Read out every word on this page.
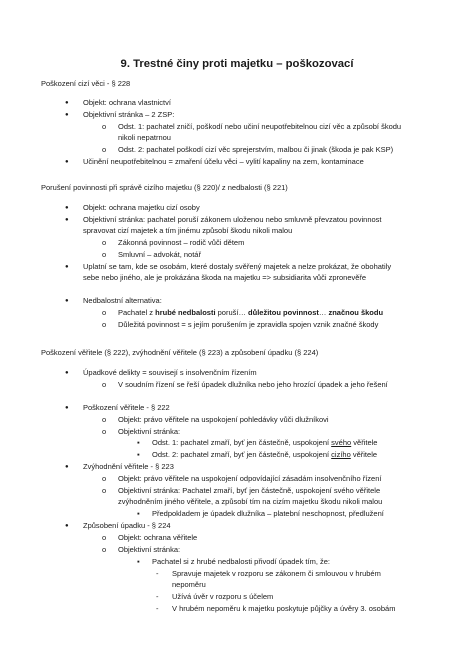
9. Trestné činy proti majetku – poškozovací
Poškození cizí věci - § 228
● Objekt: ochrana vlastnictví
● Objektivní stránka – 2 ZSP:
o Odst. 1: pachatel zničí, poškodí nebo učiní neupotřebitelnou cizí věc a způsobí škodu
nikoli nepatrnou
o Odst. 2: pachatel poškodí cizí věc sprejerstvím, malbou či jinak (škoda je pak KSP)
● Učinění neupotřebitelnou = zmaření účelu věci – vylití kapaliny na zem, kontaminace
Porušení povinnosti při správě cizího majetku (§ 220)/ z nedbalosti (§ 221)
● Objekt: ochrana majetku cizí osoby
● Objektivní stránka: pachatel poruší zákonem uloženou nebo smluvně převzatou povinnost
spravovat cizí majetek a tím jinému způsobí škodu nikoli malou
o Zákonná povinnost – rodič vůči dětem
o Smluvní – advokát, notář
● Uplatní se tam, kde se osobám, které dostaly svěřený majetek a nelze prokázat, že obohatily
sebe nebo jiného, ale je prokázána škoda na majetku => subsidiarita vůči zpronevěře
● Nedbalostní alternativa:
o Pachatel z hrubé nedbalosti poruší… důležitou povinnost… značnou škodu
o Důležitá povinnost = s jejím porušením je zpravidla spojen vznik značné škody
Poškození věřitele (§ 222), zvýhodnění věřitele (§ 223) a způsobení úpadku (§ 224)
● Úpadkové delikty = souvisejí s insolvenčním řízením
o V soudním řízení se řeší úpadek dlužníka nebo jeho hrozící úpadek a jeho řešení
● Poškození věřitele - § 222
o Objekt: právo věřitele na uspokojení pohledávky vůči dlužníkovi
o Objektivní stránka:
▪ Odst. 1: pachatel zmaří, byť jen částečně, uspokojení svého věřitele
▪ Odst. 2: pachatel zmaří, byť jen částečně, uspokojení cizího věřitele
● Zvýhodnění věřitele - § 223
o Objekt: právo věřitele na uspokojení odpovídající zásadám insolvenčního řízení
o Objektivní stránka: Pachatel zmaří, byť jen částečně, uspokojení svého věřitele
zvýhodněním jiného věřitele, a způsobí tím na cizím majetku škodu nikoli malou
▪ Předpokladem je úpadek dlužníka – platební neschopnost, předlužení
● Způsobení úpadku - § 224
o Objekt: ochrana věřitele
o Objektivní stránka:
▪ Pachatel si z hrubé nedbalosti přivodí úpadek tím, že:
- Spravuje majetek v rozporu se zákonem či smlouvou v hrubém
nepoměru
- Užívá úvěr v rozporu s účelem
- V hrubém nepoměru k majetku poskytuje půjčky a úvěry 3. osobám
